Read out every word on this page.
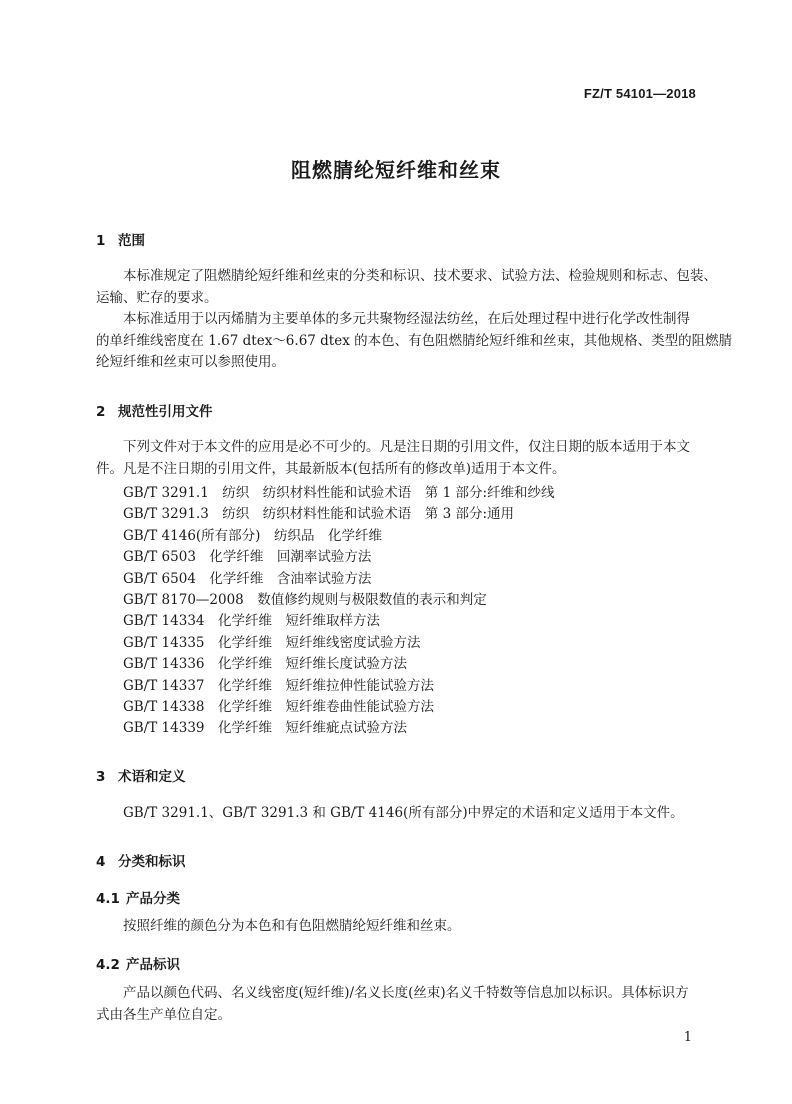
FZ/T 54101—2018
阻燃腈纶短纤维和丝束
1 范围
本标准规定了阻燃腈纶短纤维和丝束的分类和标识、技术要求、试验方法、检验规则和标志、包装、
运输、贮存的要求。
本标准适用于以丙烯腈为主要单体的多元共聚物经湿法纺丝，在后处理过程中进行化学改性制得
的单纤维线密度在 1.67 dtex～6.67 dtex 的本色、有色阻燃腈纶短纤维和丝束，其他规格、类型的阻燃腈
纶短纤维和丝束可以参照使用。
2 规范性引用文件
下列文件对于本文件的应用是必不可少的。凡是注日期的引用文件，仅注日期的版本适用于本文
件。凡是不注日期的引用文件，其最新版本(包括所有的修改单)适用于本文件。
GB/T 3291.1　纺织　纺织材料性能和试验术语　第 1 部分:纤维和纱线
GB/T 3291.3　纺织　纺织材料性能和试验术语　第 3 部分:通用
GB/T 4146(所有部分)　纺织品　化学纤维
GB/T 6503　化学纤维　回潮率试验方法
GB/T 6504　化学纤维　含油率试验方法
GB/T 8170—2008　数值修约规则与极限数值的表示和判定
GB/T 14334　化学纤维　短纤维取样方法
GB/T 14335　化学纤维　短纤维线密度试验方法
GB/T 14336　化学纤维　短纤维长度试验方法
GB/T 14337　化学纤维　短纤维拉伸性能试验方法
GB/T 14338　化学纤维　短纤维卷曲性能试验方法
GB/T 14339　化学纤维　短纤维疵点试验方法
3 术语和定义
GB/T 3291.1、GB/T 3291.3 和 GB/T 4146(所有部分)中界定的术语和定义适用于本文件。
4 分类和标识
4.1 产品分类
按照纤维的颜色分为本色和有色阻燃腈纶短纤维和丝束。
4.2 产品标识
产品以颜色代码、名义线密度(短纤维)/名义长度(丝束)名义千特数等信息加以标识。具体标识方
式由各生产单位自定。
1
